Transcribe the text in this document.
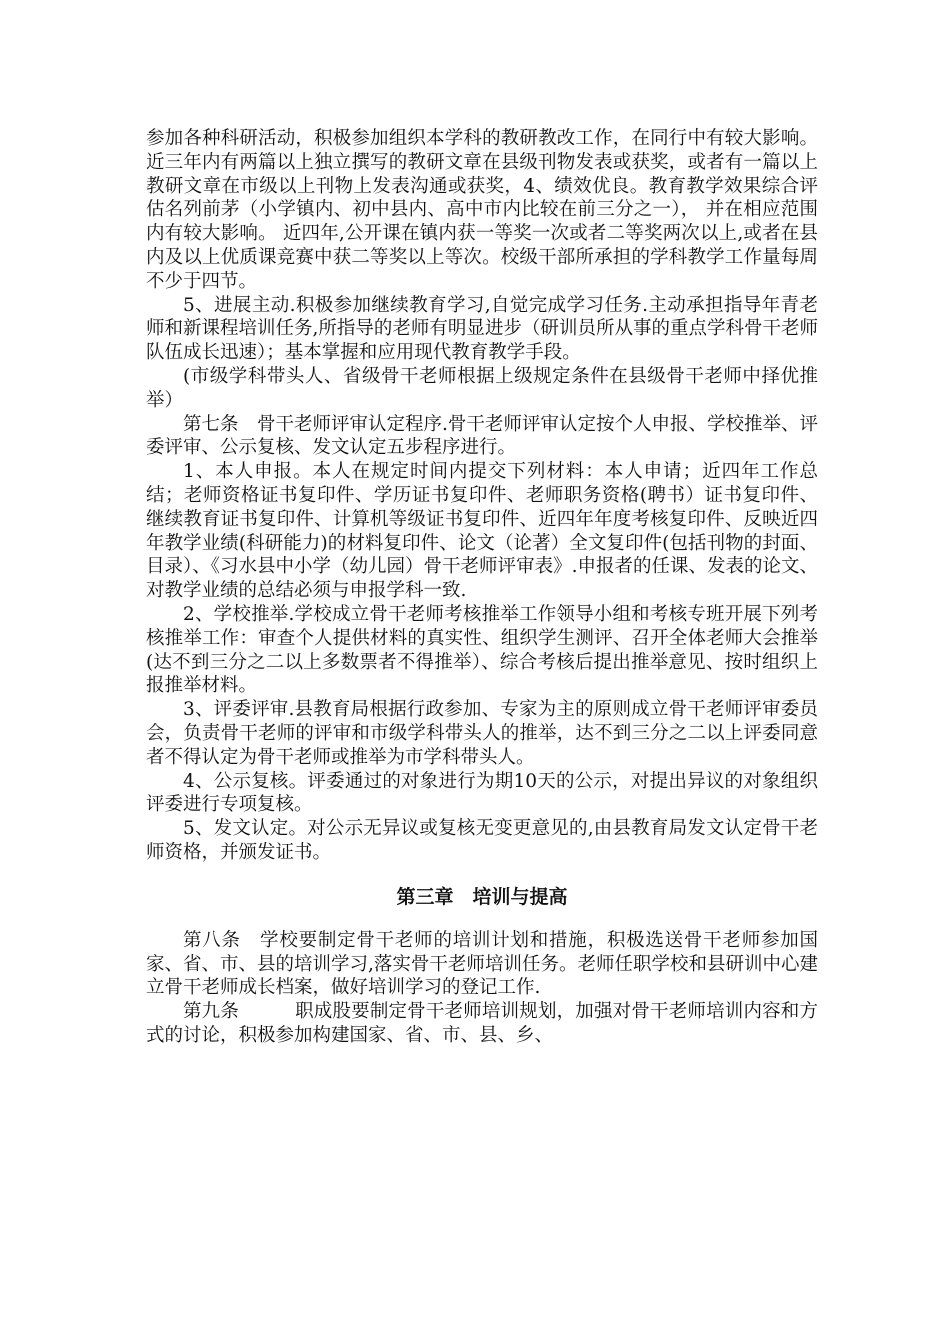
参加各种科研活动，积极参加组织本学科的教研教改工作，在同行中有较大影响。近三年内有两篇以上独立撰写的教研文章在县级刊物发表或获奖，或者有一篇以上教研文章在市级以上刊物上发表沟通或获奖，4、绩效优良。教育教学效果综合评估名列前茅（小学镇内、初中县内、高中市内比较在前三分之一）， 并在相应范围内有较大影响。 近四年,公开课在镇内获一等奖一次或者二等奖两次以上,或者在县内及以上优质课竞赛中获二等奖以上等次。校级干部所承担的学科教学工作量每周不少于四节。

5、进展主动.积极参加继续教育学习,自觉完成学习任务.主动承担指导年青老师和新课程培训任务,所指导的老师有明显进步（研训员所从事的重点学科骨干老师队伍成长迅速）；基本掌握和应用现代教育教学手段。

(市级学科带头人、省级骨干老师根据上级规定条件在县级骨干老师中择优推举）

第七条　骨干老师评审认定程序.骨干老师评审认定按个人申报、学校推举、评委评审、公示复核、发文认定五步程序进行。

1、本人申报。本人在规定时间内提交下列材料：本人申请；近四年工作总结；老师资格证书复印件、学历证书复印件、老师职务资格(聘书）证书复印件、继续教育证书复印件、计算机等级证书复印件、近四年年度考核复印件、反映近四年教学业绩(科研能力)的材料复印件、论文（论著）全文复印件(包括刊物的封面、目录）、《习水县中小学（幼儿园）骨干老师评审表》.申报者的任课、发表的论文、对教学业绩的总结必须与申报学科一致.

2、学校推举.学校成立骨干老师考核推举工作领导小组和考核专班开展下列考核推举工作：审查个人提供材料的真实性、组织学生测评、召开全体老师大会推举(达不到三分之二以上多数票者不得推举）、综合考核后提出推举意见、按时组织上报推举材料。

3、评委评审.县教育局根据行政参加、专家为主的原则成立骨干老师评审委员会，负责骨干老师的评审和市级学科带头人的推举，达不到三分之二以上评委同意者不得认定为骨干老师或推举为市学科带头人。

4、公示复核。评委通过的对象进行为期10天的公示，对提出异议的对象组织评委进行专项复核。

5、发文认定。对公示无异议或复核无变更意见的,由县教育局发文认定骨干老师资格，并颁发证书。

第三章　培训与提高

第八条　学校要制定骨干老师的培训计划和措施，积极选送骨干老师参加国家、省、市、县的培训学习,落实骨干老师培训任务。老师任职学校和县研训中心建立骨干老师成长档案，做好培训学习的登记工作.

第九条　　　职成股要制定骨干老师培训规划，加强对骨干老师培训内容和方式的讨论，积极参加构建国家、省、市、县、乡、
